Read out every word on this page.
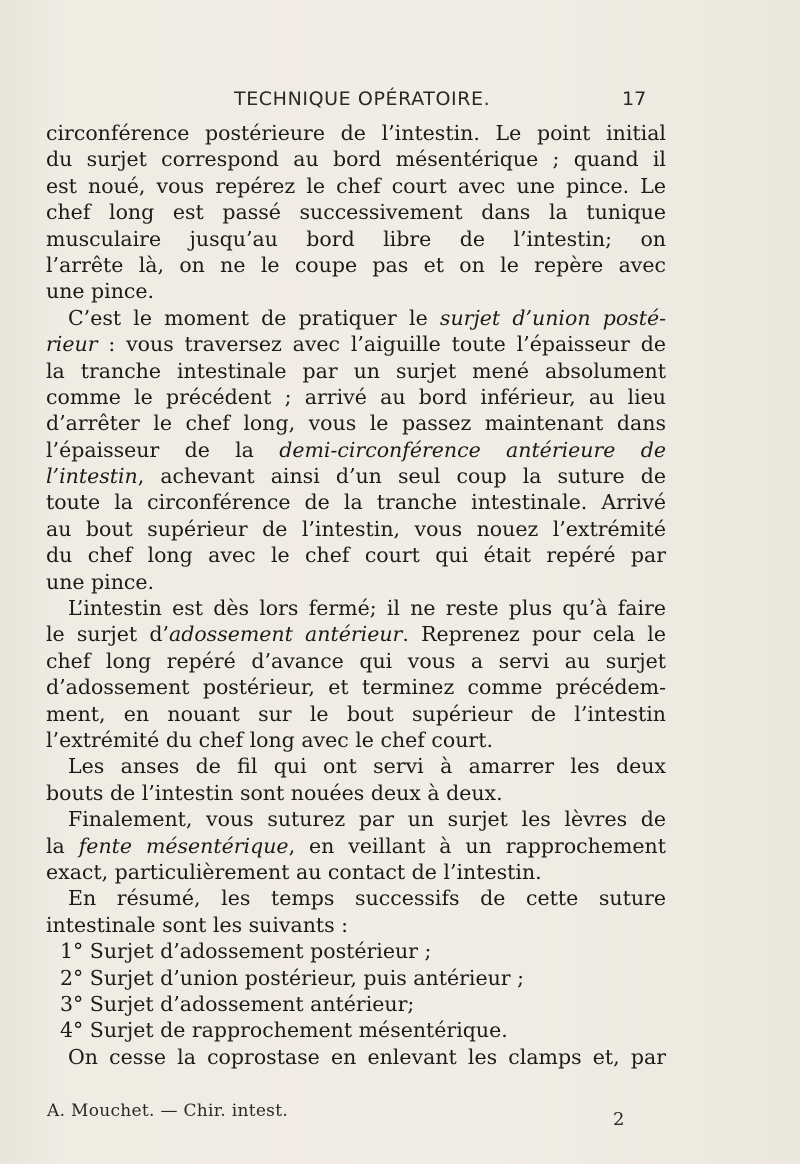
TECHNIQUE OPÉRATOIRE.	17
circonférence postérieure de l’intestin. Le point initial
du surjet correspond au bord mésentérique ; quand il
est noué, vous repérez le chef court avec une pince. Le
chef long est passé successivement dans la tunique
musculaire jusqu’au bord libre de l’intestin; on
l’arrête là, on ne le coupe pas et on le repère avec
une pince.
C’est le moment de pratiquer le surjet d’union posté-
rieur : vous traversez avec l’aiguille toute l’épaisseur de
la tranche intestinale par un surjet mené absolument
comme le précédent ; arrivé au bord inférieur, au lieu
d’arrêter le chef long, vous le passez maintenant dans
l’épaisseur de la demi-circonférence antérieure de
l’intestin, achevant ainsi d’un seul coup la suture de
toute la circonférence de la tranche intestinale. Arrivé
au bout supérieur de l’intestin, vous nouez l’extrémité
du chef long avec le chef court qui était repéré par
une pince.
L’intestin est dès lors fermé; il ne reste plus qu’à faire
le surjet d’adossement antérieur. Reprenez pour cela le
chef long repéré d’avance qui vous a servi au surjet
d’adossement postérieur, et terminez comme précédem-
ment, en nouant sur le bout supérieur de l’intestin
l’extrémité du chef long avec le chef court.
Les anses de fil qui ont servi à amarrer les deux
bouts de l’intestin sont nouées deux à deux.
Finalement, vous suturez par un surjet les lèvres de
la fente mésentérique, en veillant à un rapprochement
exact, particulièrement au contact de l’intestin.
En résumé, les temps successifs de cette suture
intestinale sont les suivants :
1° Surjet d’adossement postérieur ;
2° Surjet d’union postérieur, puis antérieur ;
3° Surjet d’adossement antérieur;
4° Surjet de rapprochement mésentérique.
On cesse la coprostase en enlevant les clamps et, par
A. Mouchet. — Chir. intest.	2
